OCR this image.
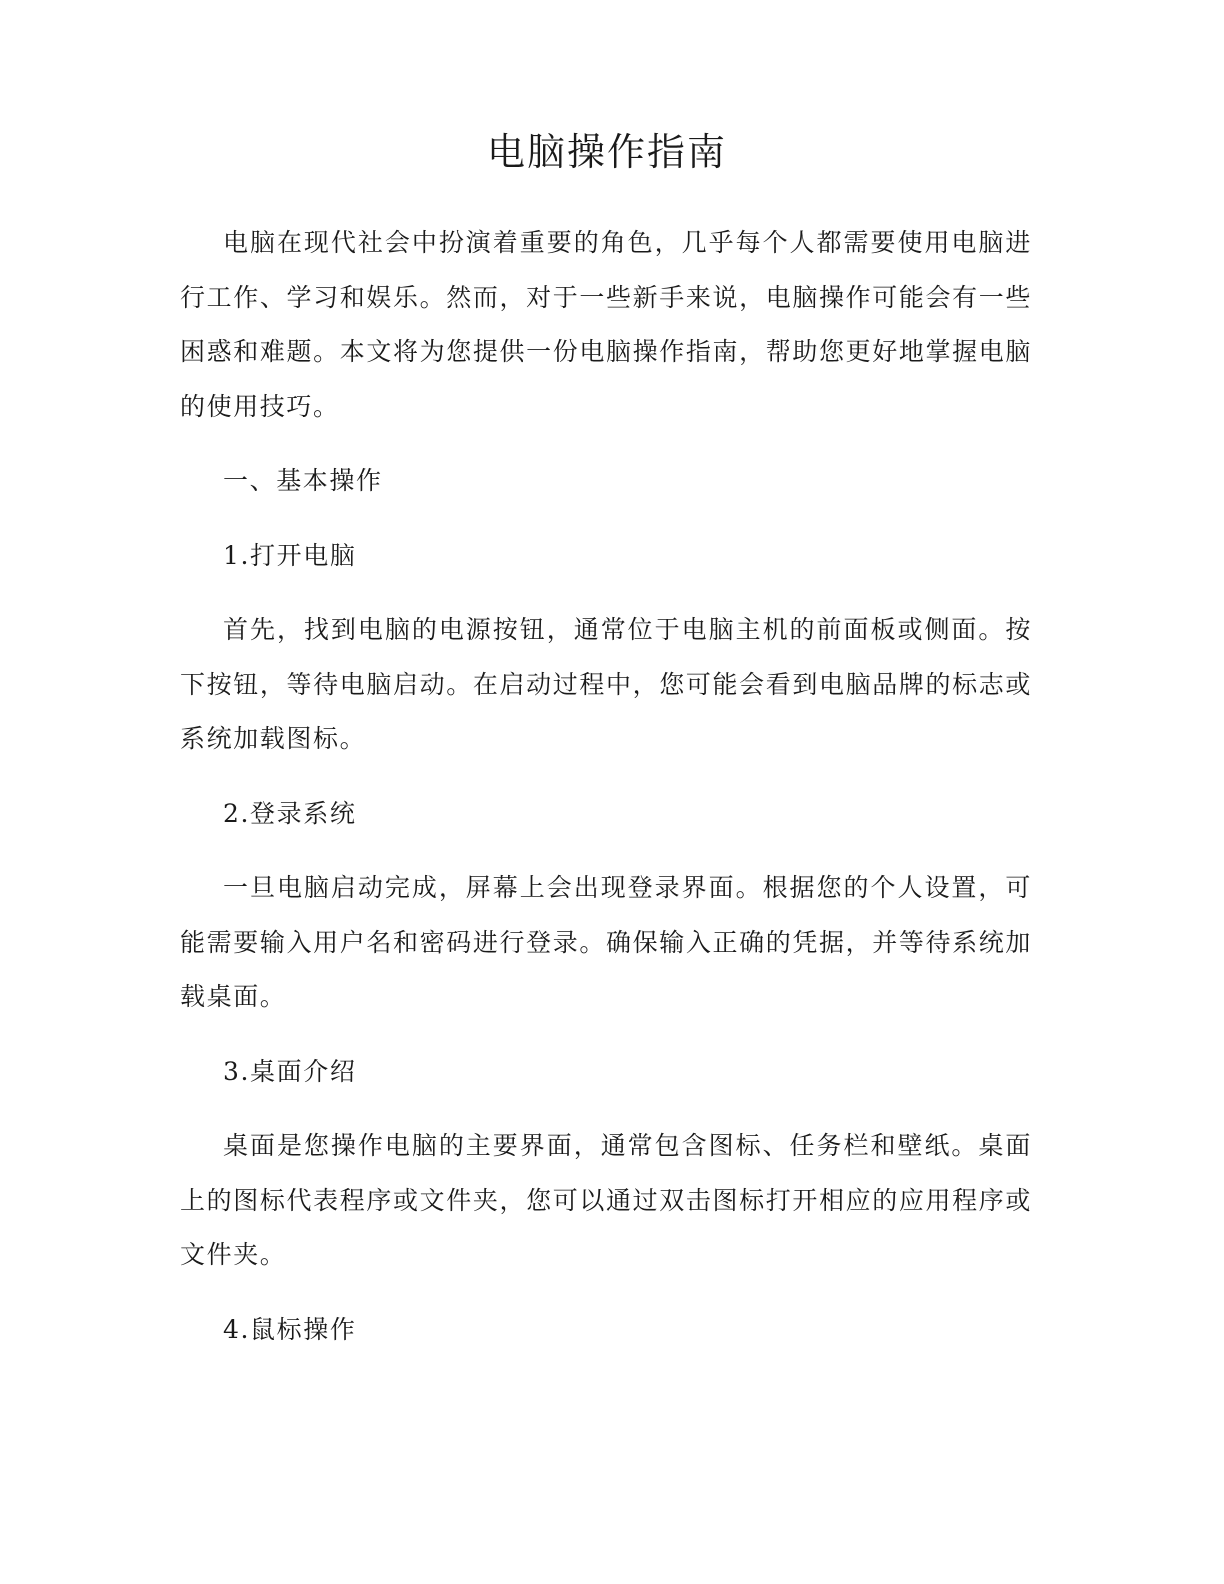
电脑操作指南

电脑在现代社会中扮演着重要的角色，几乎每个人都需要使用电脑进行工作、学习和娱乐。然而，对于一些新手来说，电脑操作可能会有一些困惑和难题。本文将为您提供一份电脑操作指南，帮助您更好地掌握电脑的使用技巧。

一、基本操作

1.打开电脑

首先，找到电脑的电源按钮，通常位于电脑主机的前面板或侧面。按下按钮，等待电脑启动。在启动过程中，您可能会看到电脑品牌的标志或系统加载图标。

2.登录系统

一旦电脑启动完成，屏幕上会出现登录界面。根据您的个人设置，可能需要输入用户名和密码进行登录。确保输入正确的凭据，并等待系统加载桌面。

3.桌面介绍

桌面是您操作电脑的主要界面，通常包含图标、任务栏和壁纸。桌面上的图标代表程序或文件夹，您可以通过双击图标打开相应的应用程序或文件夹。

4.鼠标操作
